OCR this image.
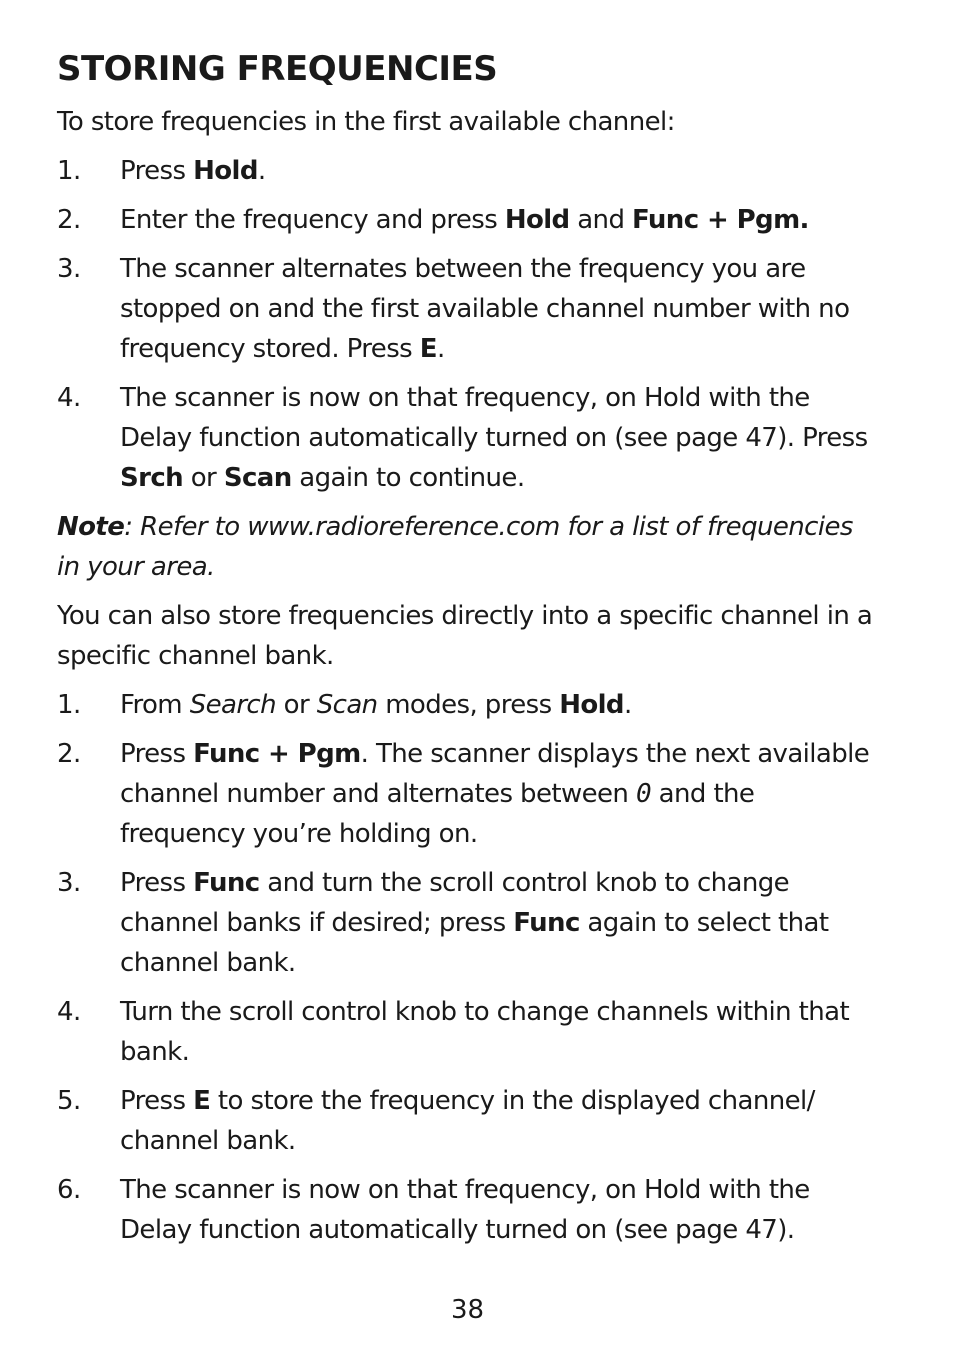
STORING FREQUENCIES

To store frequencies in the first available channel:

1. Press Hold.
2. Enter the frequency and press Hold and Func + Pgm.
3. The scanner alternates between the frequency you are stopped on and the first available channel number with no frequency stored. Press E.
4. The scanner is now on that frequency, on Hold with the Delay function automatically turned on (see page 47). Press Srch or Scan again to continue.

Note: Refer to www.radioreference.com for a list of frequencies in your area.

You can also store frequencies directly into a specific channel in a specific channel bank.

1. From Search or Scan modes, press Hold.
2. Press Func + Pgm. The scanner displays the next available channel number and alternates between 0 and the frequency you’re holding on.
3. Press Func and turn the scroll control knob to change channel banks if desired; press Func again to select that channel bank.
4. Turn the scroll control knob to change channels within that bank.
5. Press E to store the frequency in the displayed channel/ channel bank.
6. The scanner is now on that frequency, on Hold with the Delay function automatically turned on (see page 47).
38
